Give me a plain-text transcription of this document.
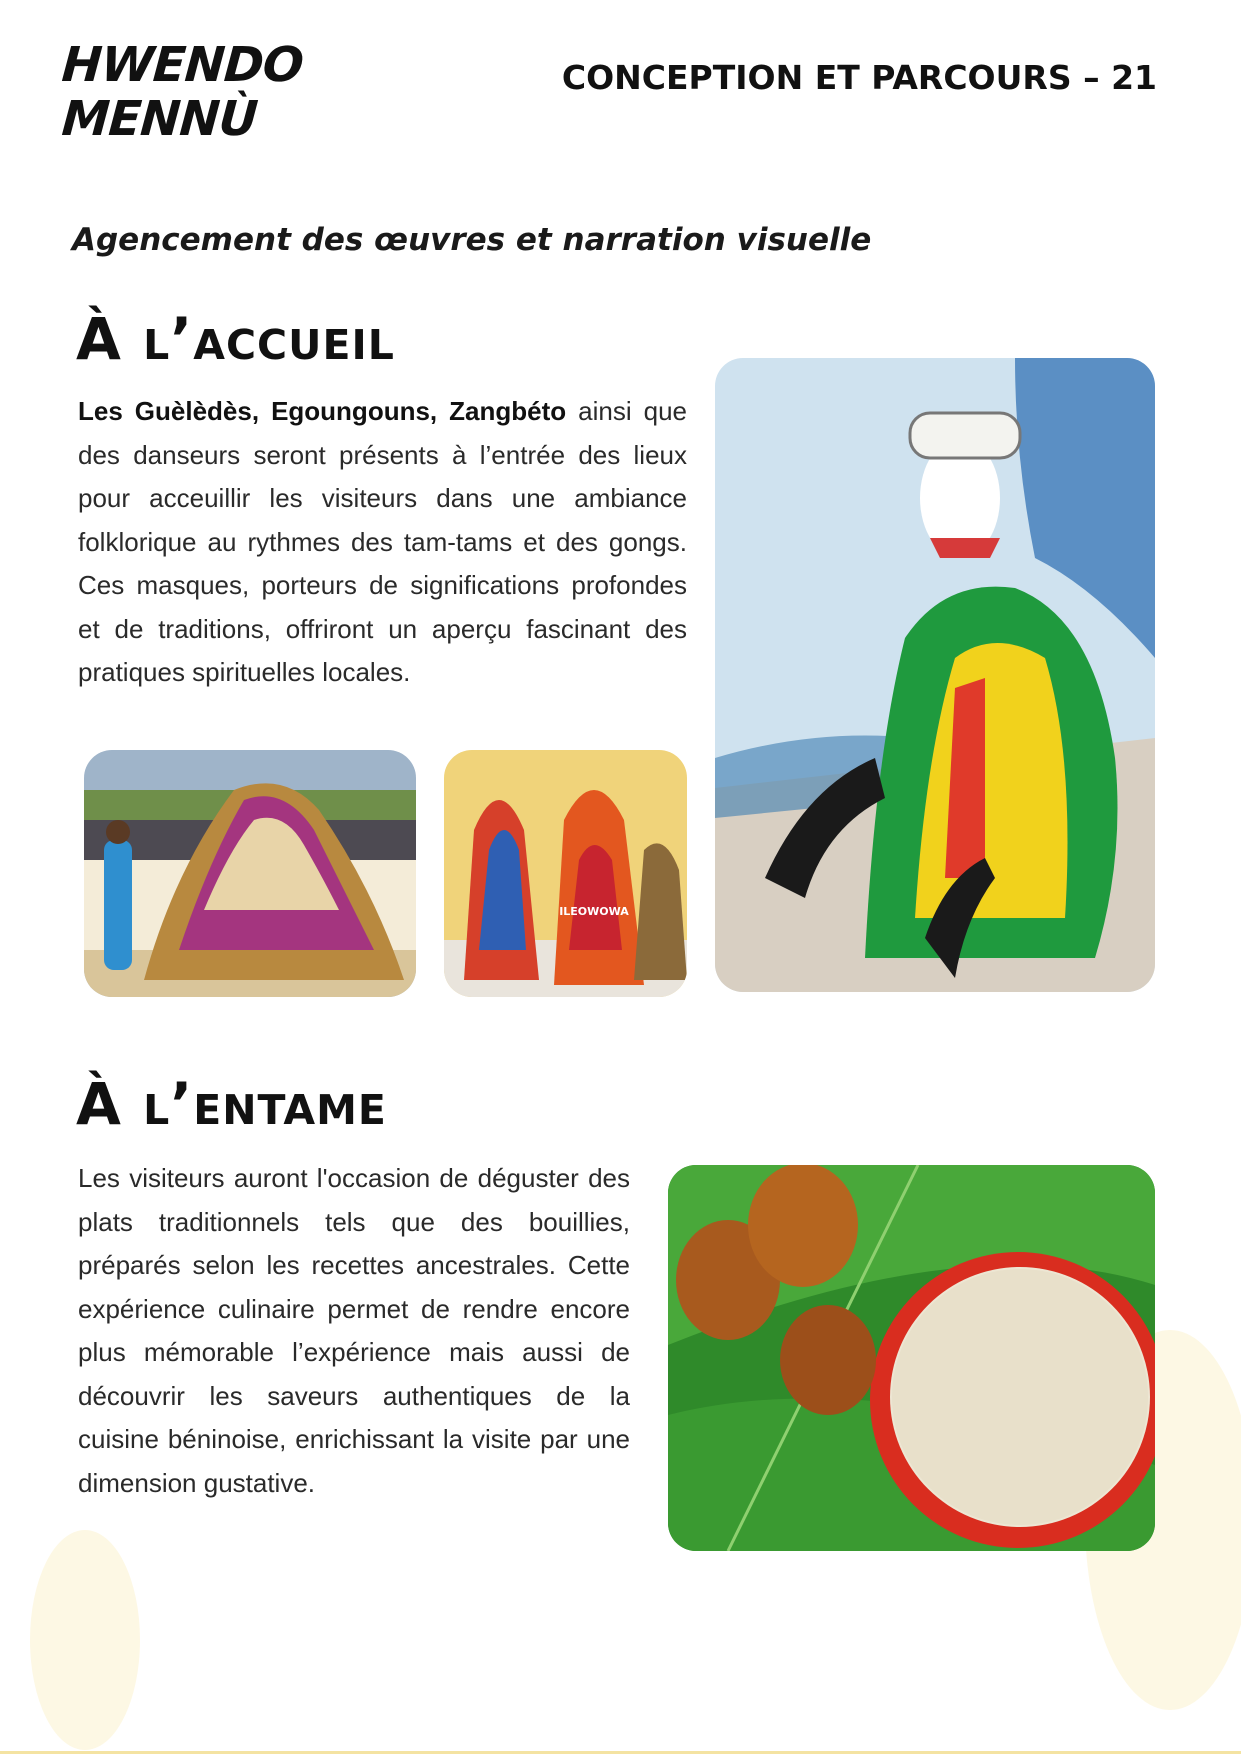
HWENDO
MENNÙ
CONCEPTION ET PARCOURS – 21
Agencement des œuvres et narration visuelle
À l’accueil
Les Guèlèdès, Egoungouns, Zangbéto ainsi que des danseurs seront présents à l’entrée des lieux pour acceuillir les visiteurs dans une ambiance folklorique au rythmes des tam-tams et des gongs. Ces masques, porteurs de significations profondes et de traditions, offriront un aperçu fascinant des pratiques spirituelles locales.
ILEOWOWA
À l’entame
Les visiteurs auront l'occasion de déguster des plats traditionnels tels que des bouillies, préparés selon les recettes ancestrales. Cette expérience culinaire permet de rendre encore plus mémorable l’expérience mais aussi de découvrir les saveurs authentiques de la cuisine béninoise, enrichissant la visite par une dimension gustative.
